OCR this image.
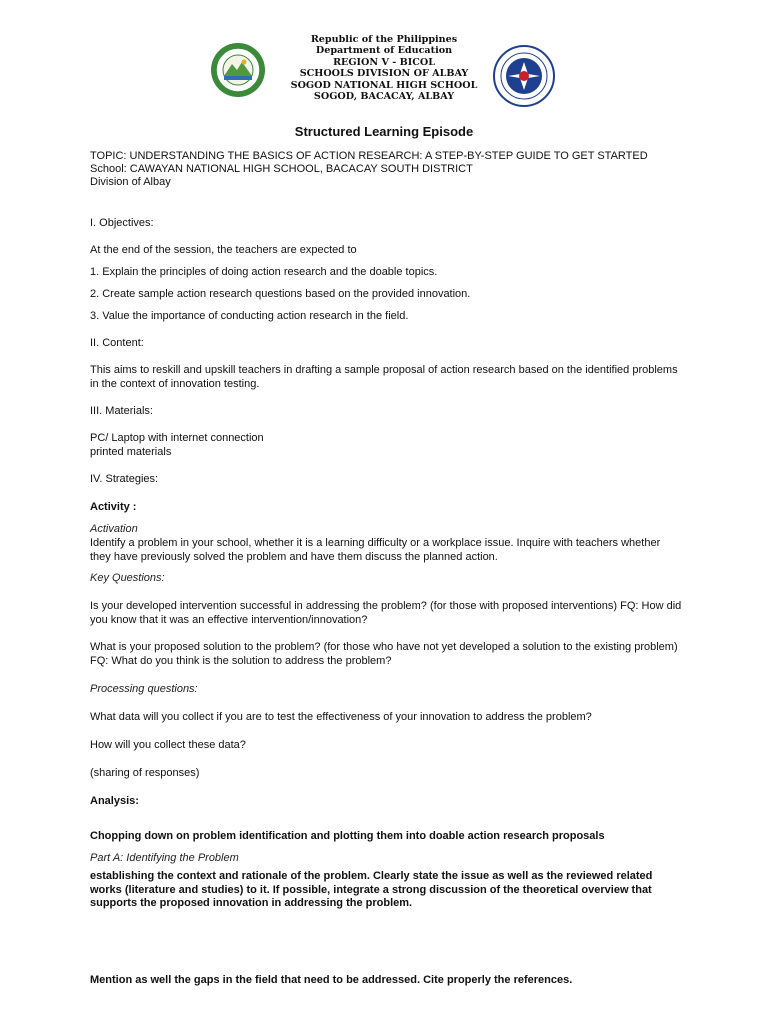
Republic of the Philippines
Department of Education
REGION V - BICOL
SCHOOLS DIVISION OF ALBAY
SOGOD NATIONAL HIGH SCHOOL
SOGOD, BACACAY, ALBAY
Structured Learning Episode
TOPIC: UNDERSTANDING THE BASICS OF ACTION RESEARCH: A STEP-BY-STEP GUIDE TO GET STARTED
School: CAWAYAN NATIONAL HIGH SCHOOL, BACACAY SOUTH DISTRICT
Division of Albay
I. Objectives:
At the end of the session, the teachers are expected to
1. Explain the principles of doing action research and the doable topics.
2. Create sample action research questions based on the provided innovation.
3. Value the importance of conducting action research in the field.
II. Content:
This aims to reskill and upskill teachers in drafting a sample proposal of action research based on the identified problems in the context of innovation testing.
III. Materials:
PC/ Laptop with internet connection
printed materials
IV. Strategies:
Activity :
Activation
Identify a problem in your school, whether it is a learning difficulty or a workplace issue. Inquire with teachers whether they have previously solved the problem and have them discuss the planned action.
Key Questions:
Is your developed intervention successful in addressing the problem? (for those with proposed interventions) FQ: How did you know that it was an effective intervention/innovation?
What is your proposed solution to the problem? (for those who have not yet developed a solution to the existing problem) FQ: What do you think is the solution to address the problem?
Processing questions:
What data will you collect if you are to test the effectiveness of your innovation to address the problem?
How will you collect these data?
(sharing of responses)
Analysis:
Chopping down on problem identification and plotting them into doable action research proposals
Part A: Identifying the Problem
establishing the context and rationale of the problem. Clearly state the issue as well as the reviewed related works (literature and studies) to it. If possible, integrate a strong discussion of the theoretical overview that supports the proposed innovation in addressing the problem.
Mention as well the gaps in the field that need to be addressed. Cite properly the references.
